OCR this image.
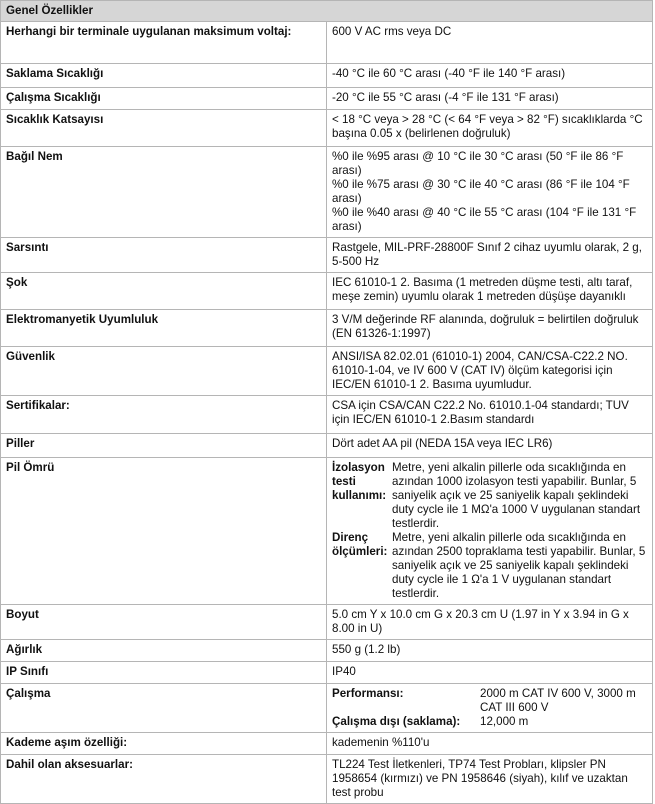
Genel Özellikler	
Herhangi bir terminale uygulanan maksimum voltaj:	600 V AC rms veya DC
Saklama Sıcaklığı	-40 °C ile 60 °C arası (-40 °F ile 140 °F arası)
Çalışma Sıcaklığı	-20 °C ile 55 °C arası (-4 °F ile 131 °F arası)
Sıcaklık Katsayısı	< 18 °C veya > 28 °C (< 64 °F veya > 82 °F) sıcaklıklarda °C başına 0.05 x (belirlenen doğruluk)
Bağıl Nem	%0 ile %95 arası @ 10 °C ile 30 °C arası (50 °F ile 86 °F arası)
%0 ile %75 arası @ 30 °C ile 40 °C arası (86 °F ile 104 °F arası)
%0 ile %40 arası @ 40 °C ile 55 °C arası (104 °F ile 131 °F arası)

Sarsıntı	Rastgele, MIL-PRF-28800F Sınıf 2 cihaz uyumlu olarak, 2 g, 5-500 Hz
Şok	IEC 61010-1 2. Basıma (1 metreden düşme testi, altı taraf, meşe zemin) uyumlu olarak 1 metreden düşüşe dayanıklı
Elektromanyetik Uyumluluk	3 V/M değerinde RF alanında, doğruluk = belirtilen doğruluk (EN 61326-1:1997)
Güvenlik	ANSI/ISA 82.02.01 (61010-1) 2004, CAN/CSA-C22.2 NO. 61010-1-04, ve IV 600 V (CAT IV) ölçüm kategorisi için IEC/EN 61010-1 2. Basıma uyumludur.
Sertifikalar:	CSA için CSA/CAN C22.2 No. 61010.1-04 standardı; TUV için IEC/EN 61010-1 2.Basım standardı
Piller	Dört adet AA pil (NEDA 15A veya IEC LR6)
Pil Ömrü	İzolasyon testi kullanımı:
Metre, yeni alkalin pillerle oda sıcaklığında en azından 1000 izolasyon testi yapabilir. Bunlar, 5 saniyelik açık ve 25 saniyelik kapalı şeklindeki duty cycle ile 1 MΩ'a 1000 V uygulanan standart testlerdir.
Direnç ölçümleri:
Metre, yeni alkalin pillerle oda sıcaklığında en azından 2500 topraklama testi yapabilir. Bunlar, 5 saniyelik açık ve 25 saniyelik kapalı şeklindeki duty cycle ile 1 Ω'a 1 V uygulanan standart testlerdir.

Boyut	5.0 cm Y x 10.0 cm G x 20.3 cm U (1.97 in Y x 3.94 in G x 8.00 in U)
Ağırlık	550 g (1.2 lb)
IP Sınıfı	IP40
Çalışma	Performansı: 2000 m CAT IV 600 V, 3000 m CAT III 600 V
Çalışma dışı (saklama): 12,000 m

Kademe aşım özelliği:	kademenin %110'u
Dahil olan aksesuarlar:	TL224 Test İletkenleri, TP74 Test Probları, klipsler PN 1958654 (kırmızı) ve PN 1958646 (siyah), kılıf ve uzaktan test probu
